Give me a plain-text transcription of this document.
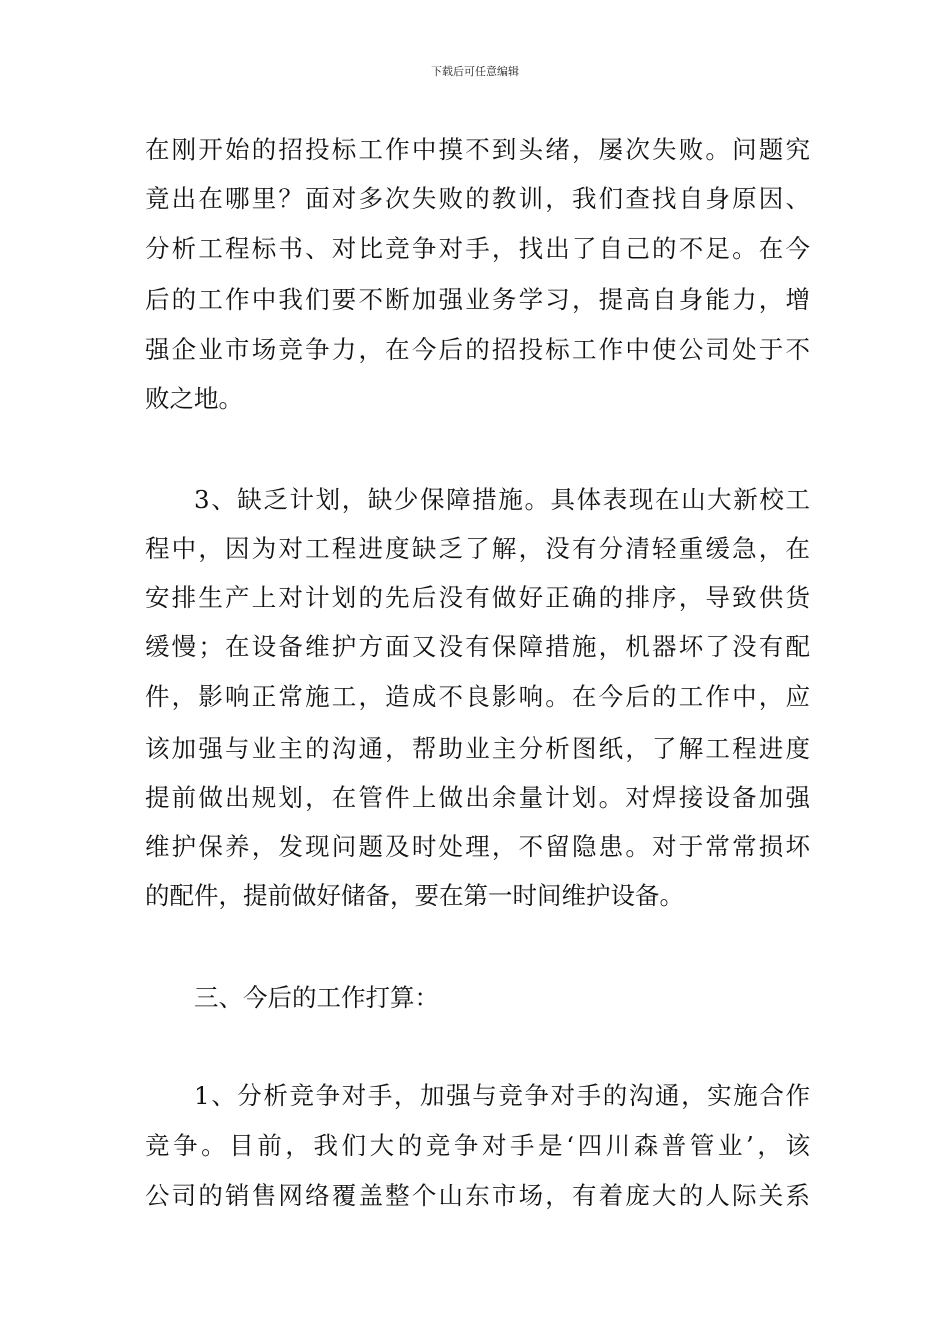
下载后可任意编辑
在刚开始的招投标工作中摸不到头绪，屡次失败。问题究
竟出在哪里？面对多次失败的教训，我们查找自身原因、
分析工程标书、对比竞争对手，找出了自己的不足。在今
后的工作中我们要不断加强业务学习，提高自身能力，增
强企业市场竞争力，在今后的招投标工作中使公司处于不
败之地。
3、缺乏计划，缺少保障措施。具体表现在山大新校工
程中，因为对工程进度缺乏了解，没有分清轻重缓急，在
安排生产上对计划的先后没有做好正确的排序，导致供货
缓慢；在设备维护方面又没有保障措施，机器坏了没有配
件，影响正常施工，造成不良影响。在今后的工作中，应
该加强与业主的沟通，帮助业主分析图纸，了解工程进度
提前做出规划，在管件上做出余量计划。对焊接设备加强
维护保养，发现问题及时处理，不留隐患。对于常常损坏
的配件，提前做好储备，要在第一时间维护设备。
三、今后的工作打算：
1、分析竞争对手，加强与竞争对手的沟通，实施合作
竞争。目前，我们大的竞争对手是‘四川森普管业’，该
公司的销售网络覆盖整个山东市场，有着庞大的人际关系
